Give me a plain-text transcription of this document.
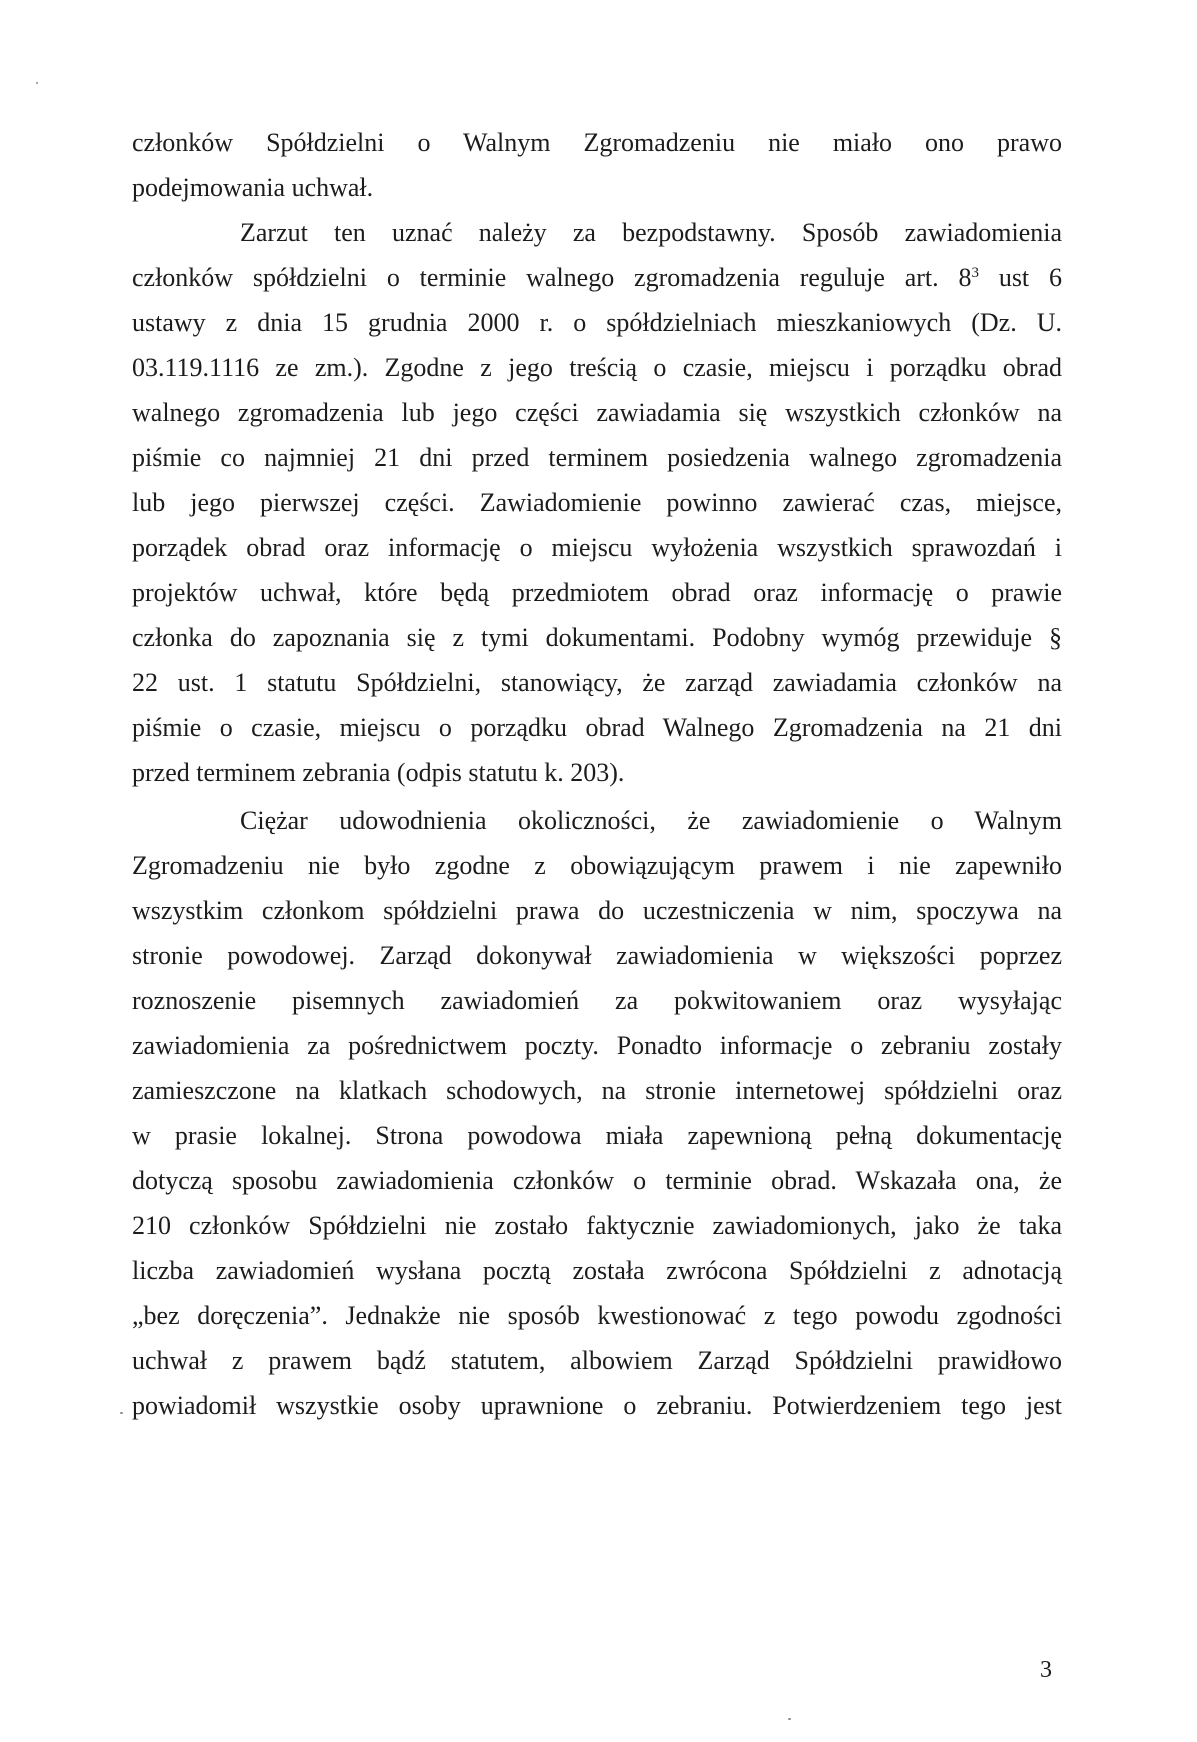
członków Spółdzielni o Walnym Zgromadzeniu nie miało ono prawo
podejmowania uchwał.
Zarzut ten uznać należy za bezpodstawny. Sposób zawiadomienia
członków spółdzielni o terminie walnego zgromadzenia reguluje art. $8^3$ ust 6
ustawy z dnia 15 grudnia 2000 r. o spółdzielniach mieszkaniowych (Dz. U.
03.119.1116 ze zm.). Zgodne z jego treścią o czasie, miejscu i porządku obrad
walnego zgromadzenia lub jego części zawiadamia się wszystkich członków na
piśmie co najmniej 21 dni przed terminem posiedzenia walnego zgromadzenia
lub jego pierwszej części. Zawiadomienie powinno zawierać czas, miejsce,
porządek obrad oraz informację o miejscu wyłożenia wszystkich sprawozdań i
projektów uchwał, które będą przedmiotem obrad oraz informację o prawie
członka do zapoznania się z tymi dokumentami. Podobny wymóg przewiduje §
22 ust. 1 statutu Spółdzielni, stanowiący, że zarząd zawiadamia członków na
piśmie o czasie, miejscu o porządku obrad Walnego Zgromadzenia na 21 dni
przed terminem zebrania (odpis statutu k. 203).
Ciężar udowodnienia okoliczności, że zawiadomienie o Walnym
Zgromadzeniu nie było zgodne z obowiązującym prawem i nie zapewniło
wszystkim członkom spółdzielni prawa do uczestniczenia w nim, spoczywa na
stronie powodowej. Zarząd dokonywał zawiadomienia w większości poprzez
roznoszenie pisemnych zawiadomień za pokwitowaniem oraz wysyłając
zawiadomienia za pośrednictwem poczty. Ponadto informacje o zebraniu zostały
zamieszczone na klatkach schodowych, na stronie internetowej spółdzielni oraz
w prasie lokalnej. Strona powodowa miała zapewnioną pełną dokumentację
dotyczą sposobu zawiadomienia członków o terminie obrad. Wskazała ona, że
210 członków Spółdzielni nie zostało faktycznie zawiadomionych, jako że taka
liczba zawiadomień wysłana pocztą została zwrócona Spółdzielni z adnotacją
„bez doręczenia”. Jednakże nie sposób kwestionować z tego powodu zgodności
uchwał z prawem bądź statutem, albowiem Zarząd Spółdzielni prawidłowo
powiadomił wszystkie osoby uprawnione o zebraniu. Potwierdzeniem tego jest
3
